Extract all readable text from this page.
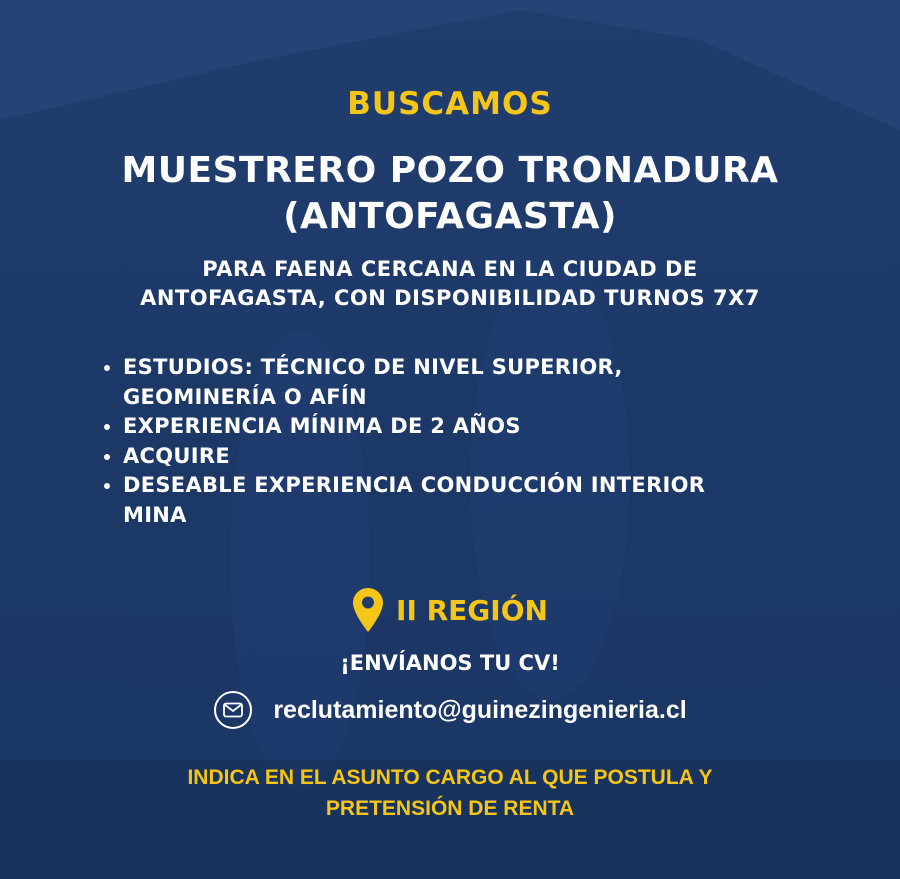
BUSCAMOS
MUESTRERO POZO TRONADURA
(ANTOFAGASTA)
PARA FAENA CERCANA EN LA CIUDAD DE
ANTOFAGASTA, CON DISPONIBILIDAD TURNOS 7X7
ESTUDIOS: TÉCNICO DE NIVEL SUPERIOR,
GEOMINERÍA O AFÍN
EXPERIENCIA MÍNIMA DE 2 AÑOS
ACQUIRE
DESEABLE EXPERIENCIA CONDUCCIÓN INTERIOR
MINA
II REGIÓN
¡ENVÍANOS TU CV!
reclutamiento@guinezingenieria.cl
INDICA EN EL ASUNTO CARGO AL QUE POSTULA Y
PRETENSIÓN DE RENTA
